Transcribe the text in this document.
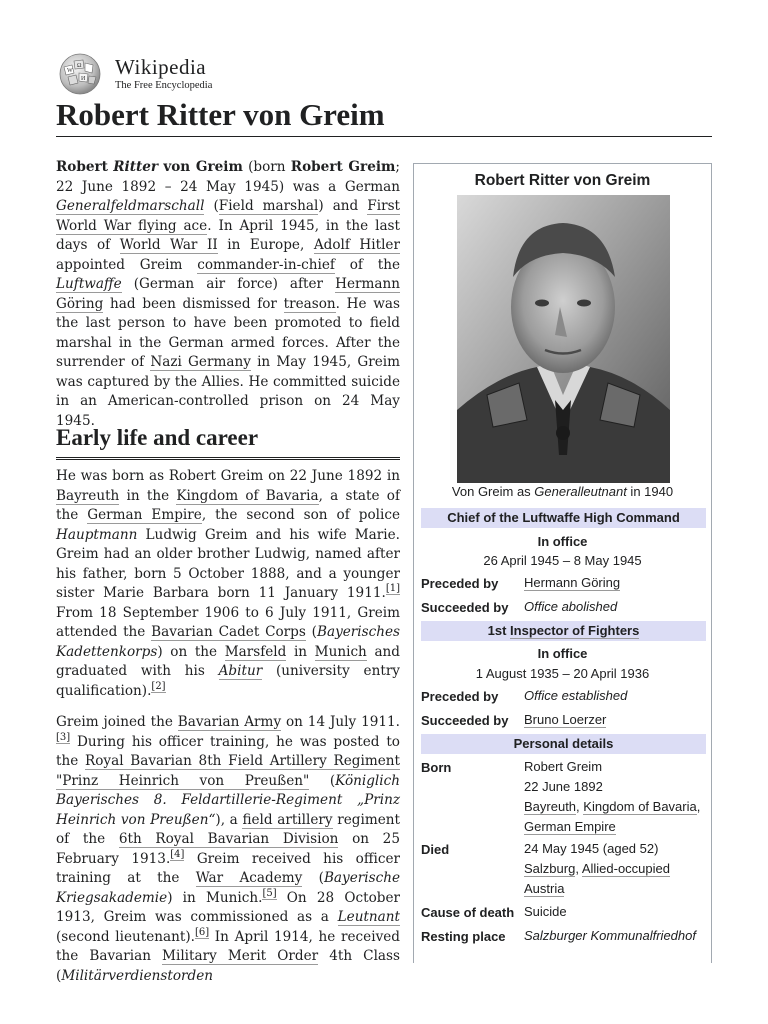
W
Ω
И Wikipedia
The Free Encyclopedia
Robert Ritter von Greim

Robert Ritter von Greim (born Robert Greim; 22 June 1892 – 24 May 1945) was a German Generalfeldmarschall (Field marshal) and First World War flying ace. In April 1945, in the last days of World War II in Europe, Adolf Hitler appointed Greim commander-in-chief of the Luftwaffe (German air force) after Hermann Göring had been dismissed for treason. He was the last person to have been promoted to field marshal in the German armed forces. After the surrender of Nazi Germany in May 1945, Greim was captured by the Allies. He committed suicide in an American-controlled prison on 24 May 1945.

Early life and career

He was born as Robert Greim on 22 June 1892 in Bayreuth in the Kingdom of Bavaria, a state of the German Empire, the second son of police Hauptmann Ludwig Greim and his wife Marie. Greim had an older brother Ludwig, named after his father, born 5 October 1888, and a younger sister Marie Barbara born 11 January 1911.[1] From 18 September 1906 to 6 July 1911, Greim attended the Bavarian Cadet Corps (Bayerisches Kadettenkorps) on the Marsfeld in Munich and graduated with his Abitur (university entry qualification).[2]

Greim joined the Bavarian Army on 14 July 1911.[3] During his officer training, he was posted to the Royal Bavarian 8th Field Artillery Regiment "Prinz Heinrich von Preußen" (Königlich Bayerisches 8. Feldartillerie-Regiment „Prinz Heinrich von Preußen“), a field artillery regiment of the 6th Royal Bavarian Division on 25 February 1913.[4] Greim received his officer training at the War Academy (Bayerische Kriegsakademie) in Munich.[5] On 28 October 1913, Greim was commissioned as a Leutnant (second lieutenant).[6] In April 1914, he received the Bavarian Military Merit Order 4th Class (Militärverdienstorden

Robert Ritter von Greim
Von Greim as Generalleutnant in 1940
Chief of the Luftwaffe High Command
In office
26 April 1945 – 8 May 1945
Preceded by Hermann Göring
Succeeded by Office abolished
1st Inspector of Fighters
In office
1 August 1935 – 20 April 1936
Preceded by Office established
Succeeded by Bruno Loerzer
Personal details
Born	Robert Greim
22 June 1892
Bayreuth, Kingdom of Bavaria, German Empire
Died	24 May 1945 (aged 52)
Salzburg, Allied-occupied Austria
Cause of death Suicide
Resting place Salzburger Kommunalfriedhof
